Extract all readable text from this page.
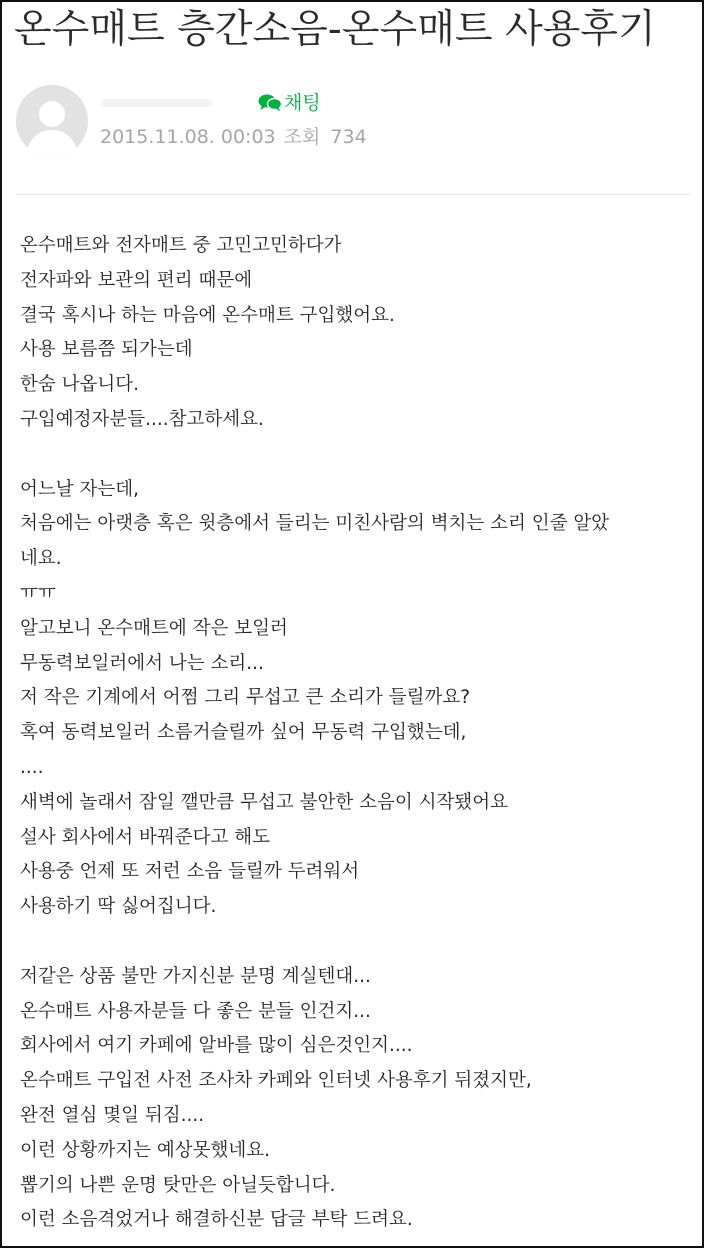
온수매트 층간소음-온수매트 사용후기
채팅
2015.11.08. 00:03 조회 734

온수매트와 전자매트 중 고민고민하다가

전자파와 보관의 편리 때문에

결국 혹시나 하는 마음에 온수매트 구입했어요.

사용 보름쯤 되가는데

한숨 나옵니다.

구입예정자분들....참고하세요.

어느날 자는데,

처음에는 아랫층 혹은 윗층에서 들리는 미친사람의 벽치는 소리 인줄 알았

네요.

ㅠㅠ

알고보니 온수매트에 작은 보일러

무동력보일러에서 나는 소리...

저 작은 기계에서 어쩜 그리 무섭고 큰 소리가 들릴까요?

혹여 동력보일러 소름거슬릴까 싶어 무동력 구입했는데,

....

새벽에 놀래서 잠일 깰만큼 무섭고 불안한 소음이 시작됐어요

설사 회사에서 바꿔준다고 해도

사용중 언제 또 저런 소음 들릴까 두려워서

사용하기 딱 싫어집니다.

저같은 상품 불만 가지신분 분명 계실텐대...

온수매트 사용자분들 다 좋은 분들 인건지...

회사에서 여기 카페에 알바를 많이 심은것인지....

온수매트 구입전 사전 조사차 카페와 인터넷 사용후기 뒤졌지만,

완전 열심 몇일 뒤짐....

이런 상황까지는 예상못했네요.

뽑기의 나쁜 운명 탓만은 아닐듯합니다.

이런 소음격었거나 해결하신분 답글 부탁 드려요.
